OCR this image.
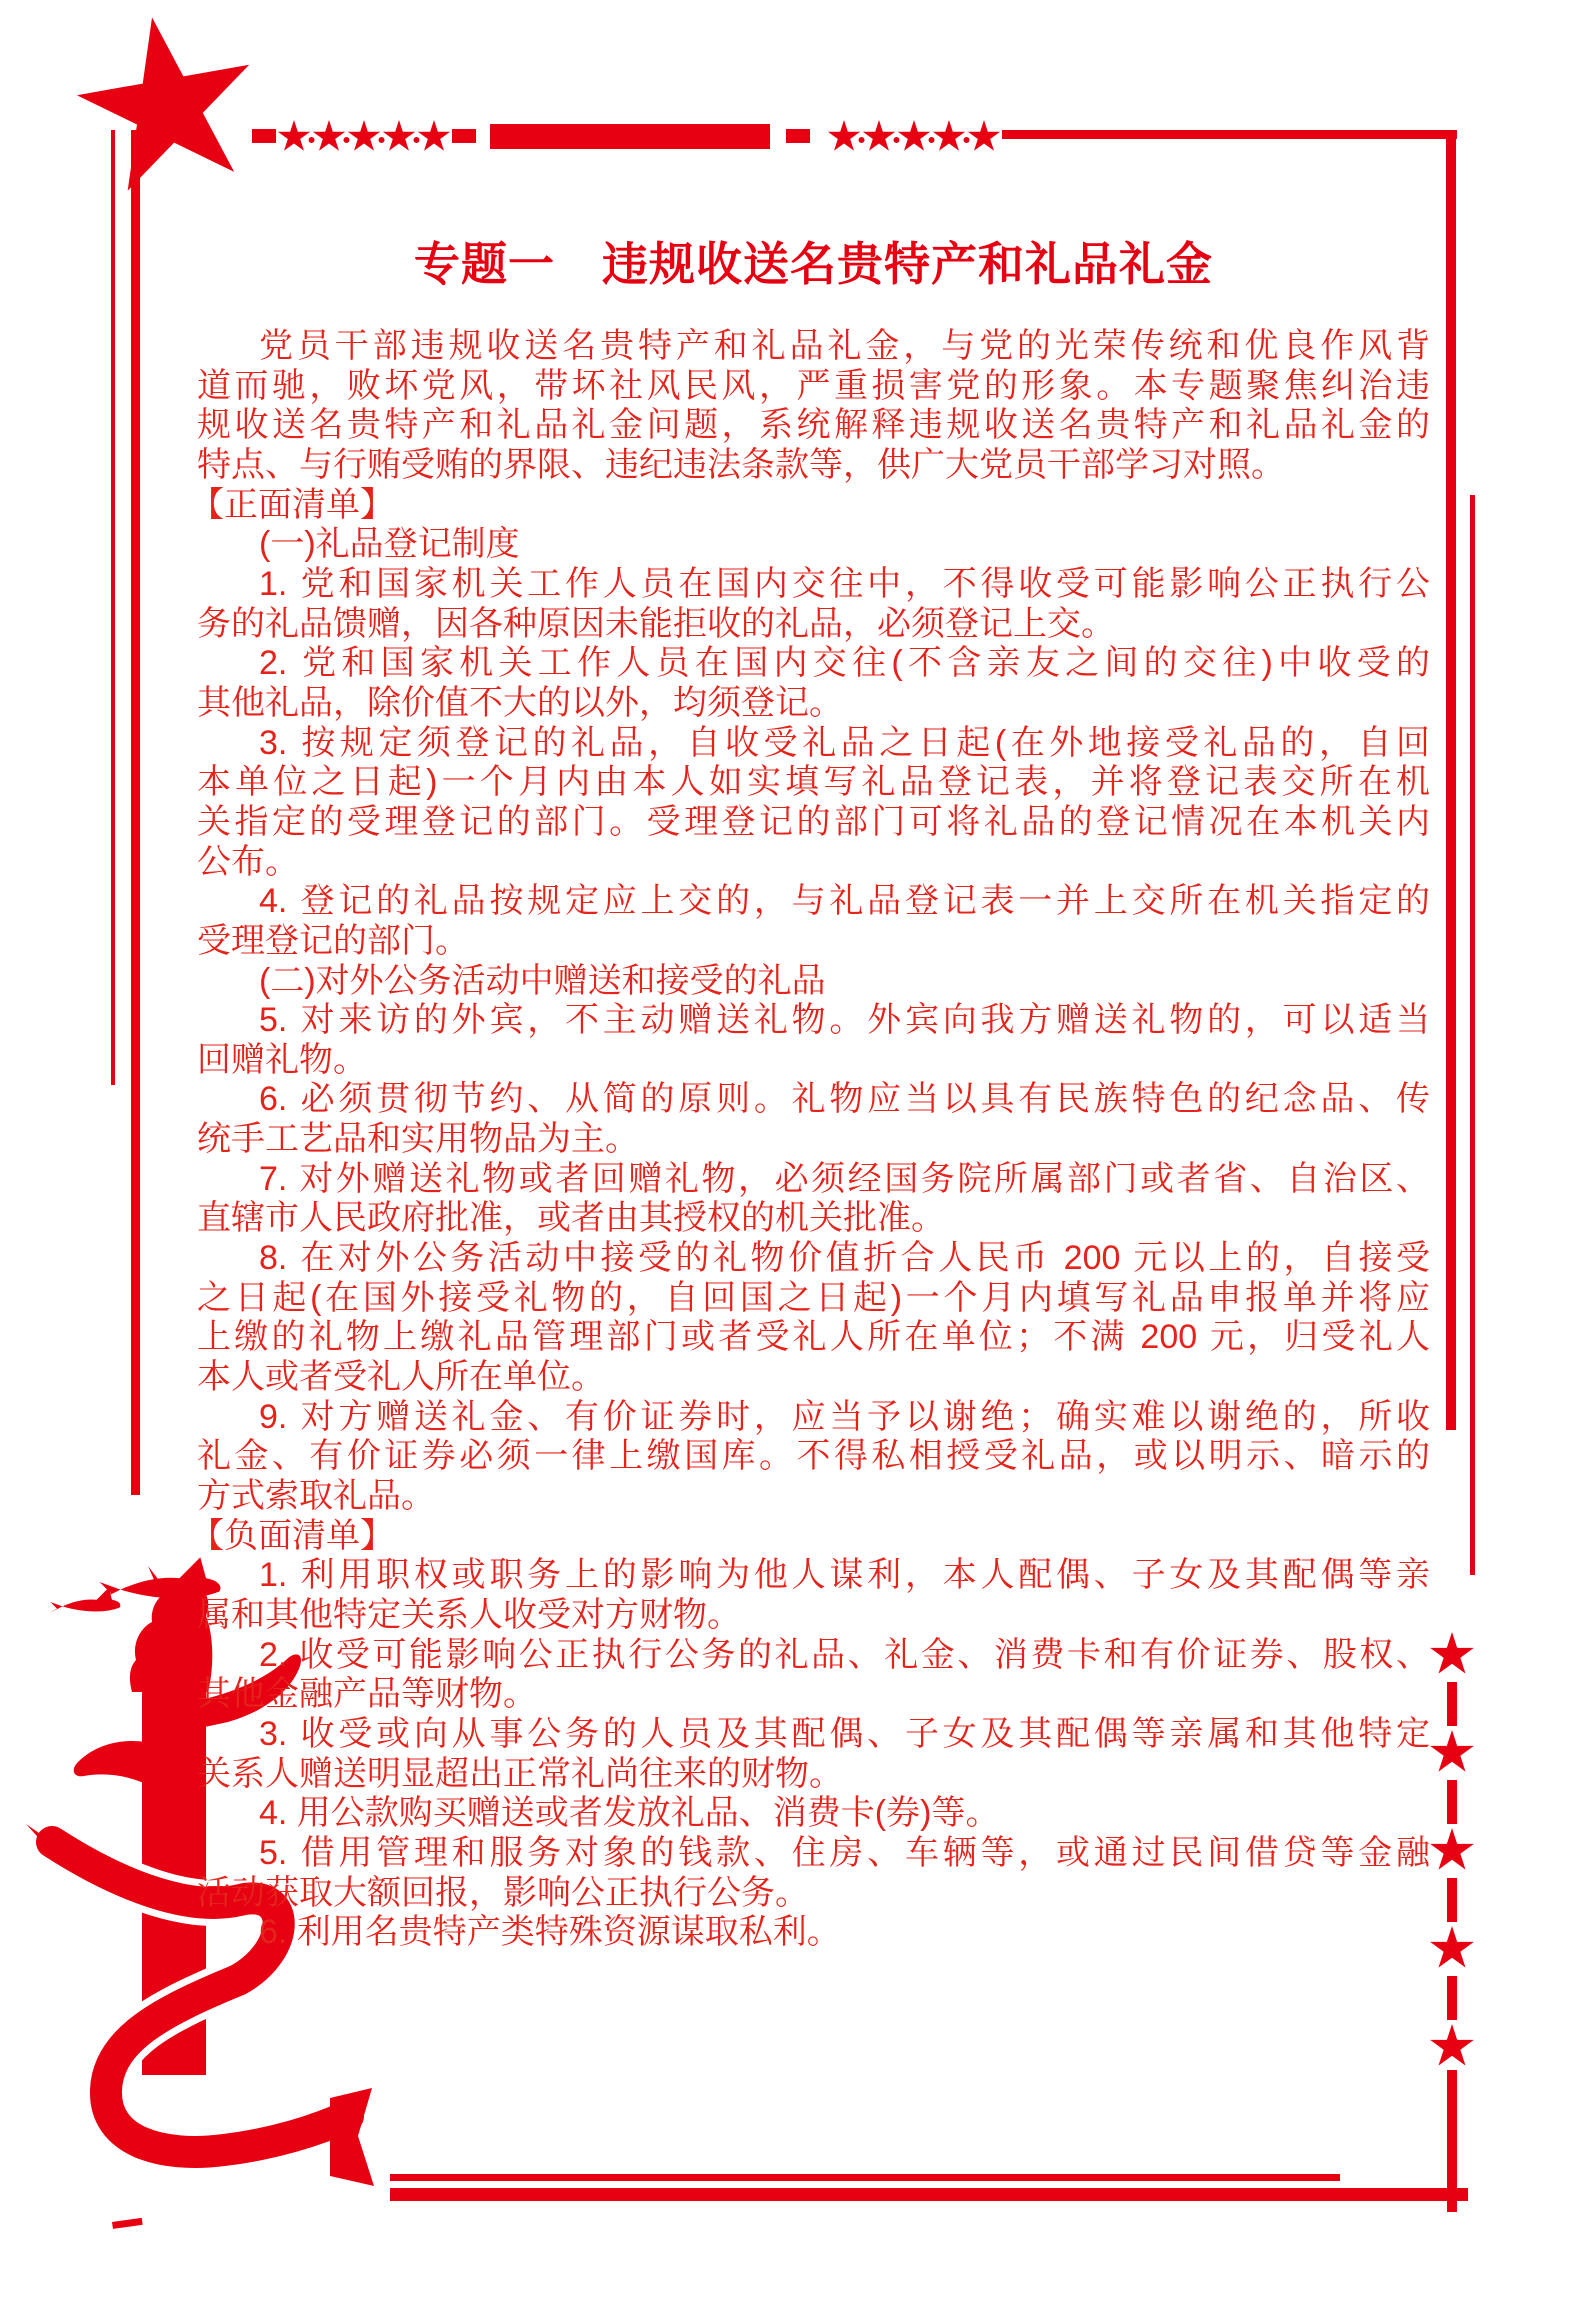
专题一　违规收送名贵特产和礼品礼金
党员干部违规收送名贵特产和礼品礼金，与党的光荣传统和优良作风背
道而驰，败坏党风，带坏社风民风，严重损害党的形象。本专题聚焦纠治违
规收送名贵特产和礼品礼金问题，系统解释违规收送名贵特产和礼品礼金的
特点、与行贿受贿的界限、违纪违法条款等，供广大党员干部学习对照。
【正面清单】
(一)礼品登记制度
1. 党和国家机关工作人员在国内交往中，不得收受可能影响公正执行公
务的礼品馈赠，因各种原因未能拒收的礼品，必须登记上交。
2. 党和国家机关工作人员在国内交往(不含亲友之间的交往)中收受的
其他礼品，除价值不大的以外，均须登记。
3. 按规定须登记的礼品，自收受礼品之日起(在外地接受礼品的，自回
本单位之日起)一个月内由本人如实填写礼品登记表，并将登记表交所在机
关指定的受理登记的部门。受理登记的部门可将礼品的登记情况在本机关内
公布。
4. 登记的礼品按规定应上交的，与礼品登记表一并上交所在机关指定的
受理登记的部门。
(二)对外公务活动中赠送和接受的礼品
5. 对来访的外宾，不主动赠送礼物。外宾向我方赠送礼物的，可以适当
回赠礼物。
6. 必须贯彻节约、从简的原则。礼物应当以具有民族特色的纪念品、传
统手工艺品和实用物品为主。
7. 对外赠送礼物或者回赠礼物，必须经国务院所属部门或者省、自治区、
直辖市人民政府批准，或者由其授权的机关批准。
8. 在对外公务活动中接受的礼物价值折合人民币 200 元以上的，自接受
之日起(在国外接受礼物的，自回国之日起)一个月内填写礼品申报单并将应
上缴的礼物上缴礼品管理部门或者受礼人所在单位；不满 200 元，归受礼人
本人或者受礼人所在单位。
9. 对方赠送礼金、有价证券时，应当予以谢绝；确实难以谢绝的，所收
礼金、有价证券必须一律上缴国库。不得私相授受礼品，或以明示、暗示的
方式索取礼品。
【负面清单】
1. 利用职权或职务上的影响为他人谋利，本人配偶、子女及其配偶等亲
属和其他特定关系人收受对方财物。
2. 收受可能影响公正执行公务的礼品、礼金、消费卡和有价证券、股权、
其他金融产品等财物。
3. 收受或向从事公务的人员及其配偶、子女及其配偶等亲属和其他特定
关系人赠送明显超出正常礼尚往来的财物。
4. 用公款购买赠送或者发放礼品、消费卡(券)等。
5. 借用管理和服务对象的钱款、住房、车辆等，或通过民间借贷等金融
活动获取大额回报，影响公正执行公务。
6. 利用名贵特产类特殊资源谋取私利。
